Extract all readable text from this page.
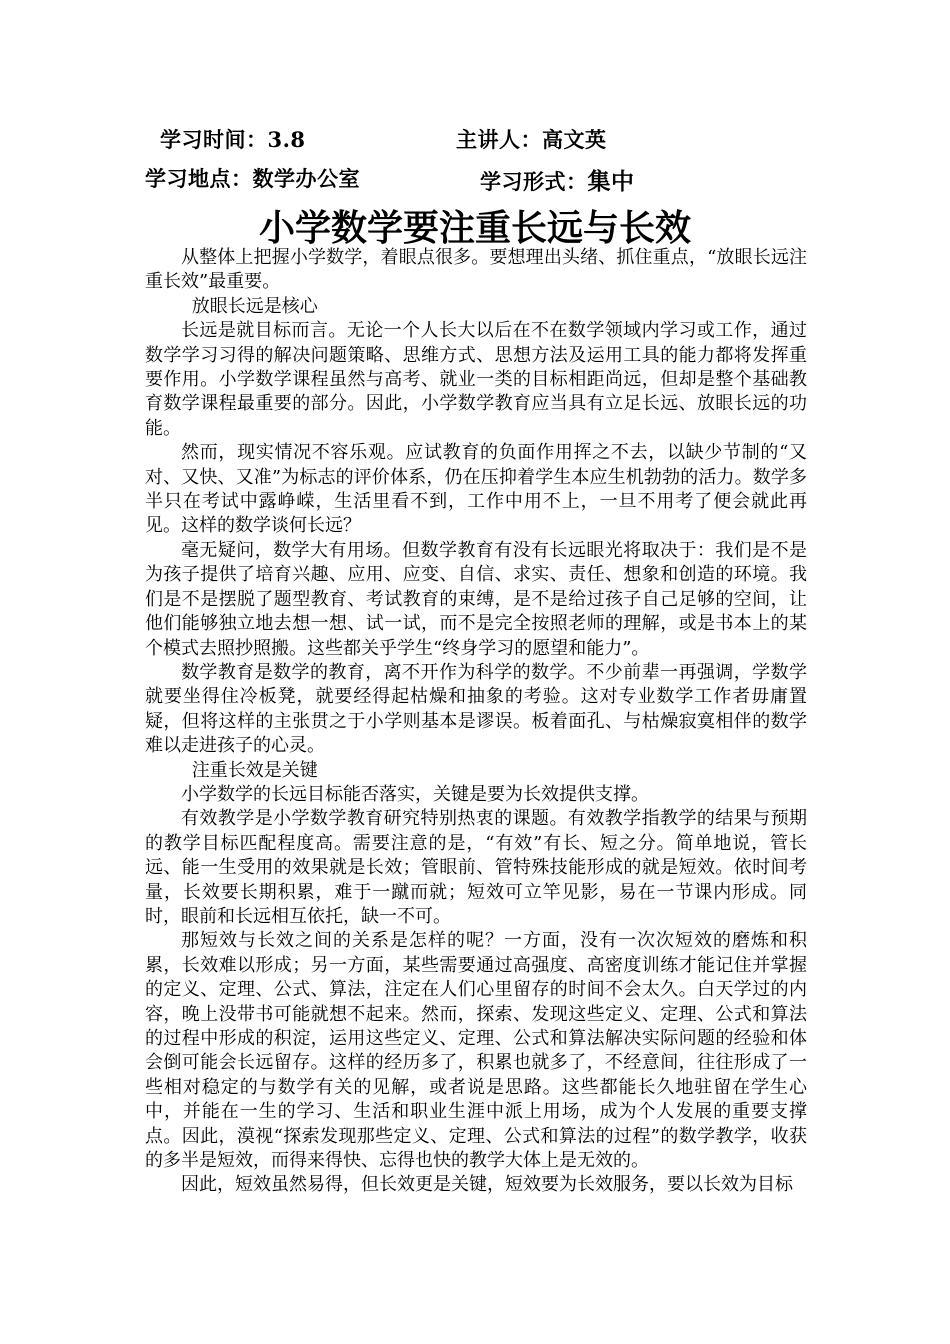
学习时间：3.8	主讲人：高文英
学习地点：数学办公室	学习形式：集中
小学数学要注重长远与长效

从整体上把握小学数学，着眼点很多。要想理出头绪、抓住重点，“放眼长远注重长效”最重要。

放眼长远是核心

长远是就目标而言。无论一个人长大以后在不在数学领域内学习或工作，通过数学学习习得的解决问题策略、思维方式、思想方法及运用工具的能力都将发挥重要作用。小学数学课程虽然与高考、就业一类的目标相距尚远，但却是整个基础教育数学课程最重要的部分。因此，小学数学教育应当具有立足长远、放眼长远的功能。

然而，现实情况不容乐观。应试教育的负面作用挥之不去，以缺少节制的“又对、又快、又准”为标志的评价体系，仍在压抑着学生本应生机勃勃的活力。数学多半只在考试中露峥嵘，生活里看不到，工作中用不上，一旦不用考了便会就此再见。这样的数学谈何长远？

毫无疑问，数学大有用场。但数学教育有没有长远眼光将取决于：我们是不是为孩子提供了培育兴趣、应用、应变、自信、求实、责任、想象和创造的环境。我们是不是摆脱了题型教育、考试教育的束缚，是不是给过孩子自己足够的空间，让他们能够独立地去想一想、试一试，而不是完全按照老师的理解，或是书本上的某个模式去照抄照搬。这些都关乎学生“终身学习的愿望和能力”。

数学教育是数学的教育，离不开作为科学的数学。不少前辈一再强调，学数学就要坐得住冷板凳，就要经得起枯燥和抽象的考验。这对专业数学工作者毋庸置疑，但将这样的主张贯之于小学则基本是谬误。板着面孔、与枯燥寂寞相伴的数学难以走进孩子的心灵。

注重长效是关键

小学数学的长远目标能否落实，关键是要为长效提供支撑。

有效教学是小学数学教育研究特别热衷的课题。有效教学指教学的结果与预期的教学目标匹配程度高。需要注意的是，“有效”有长、短之分。简单地说，管长远、能一生受用的效果就是长效；管眼前、管特殊技能形成的就是短效。依时间考量，长效要长期积累，难于一蹴而就；短效可立竿见影，易在一节课内形成。同时，眼前和长远相互依托，缺一不可。

那短效与长效之间的关系是怎样的呢？一方面，没有一次次短效的磨炼和积累，长效难以形成；另一方面，某些需要通过高强度、高密度训练才能记住并掌握的定义、定理、公式、算法，注定在人们心里留存的时间不会太久。白天学过的内容，晚上没带书可能就想不起来。然而，探索、发现这些定义、定理、公式和算法的过程中形成的积淀，运用这些定义、定理、公式和算法解决实际问题的经验和体会倒可能会长远留存。这样的经历多了，积累也就多了，不经意间，往往形成了一些相对稳定的与数学有关的见解，或者说是思路。这些都能长久地驻留在学生心中，并能在一生的学习、生活和职业生涯中派上用场，成为个人发展的重要支撑点。因此，漠视“探索发现那些定义、定理、公式和算法的过程”的数学教学，收获的多半是短效，而得来得快、忘得也快的教学大体上是无效的。

因此，短效虽然易得，但长效更是关键，短效要为长效服务，要以长效为目标
